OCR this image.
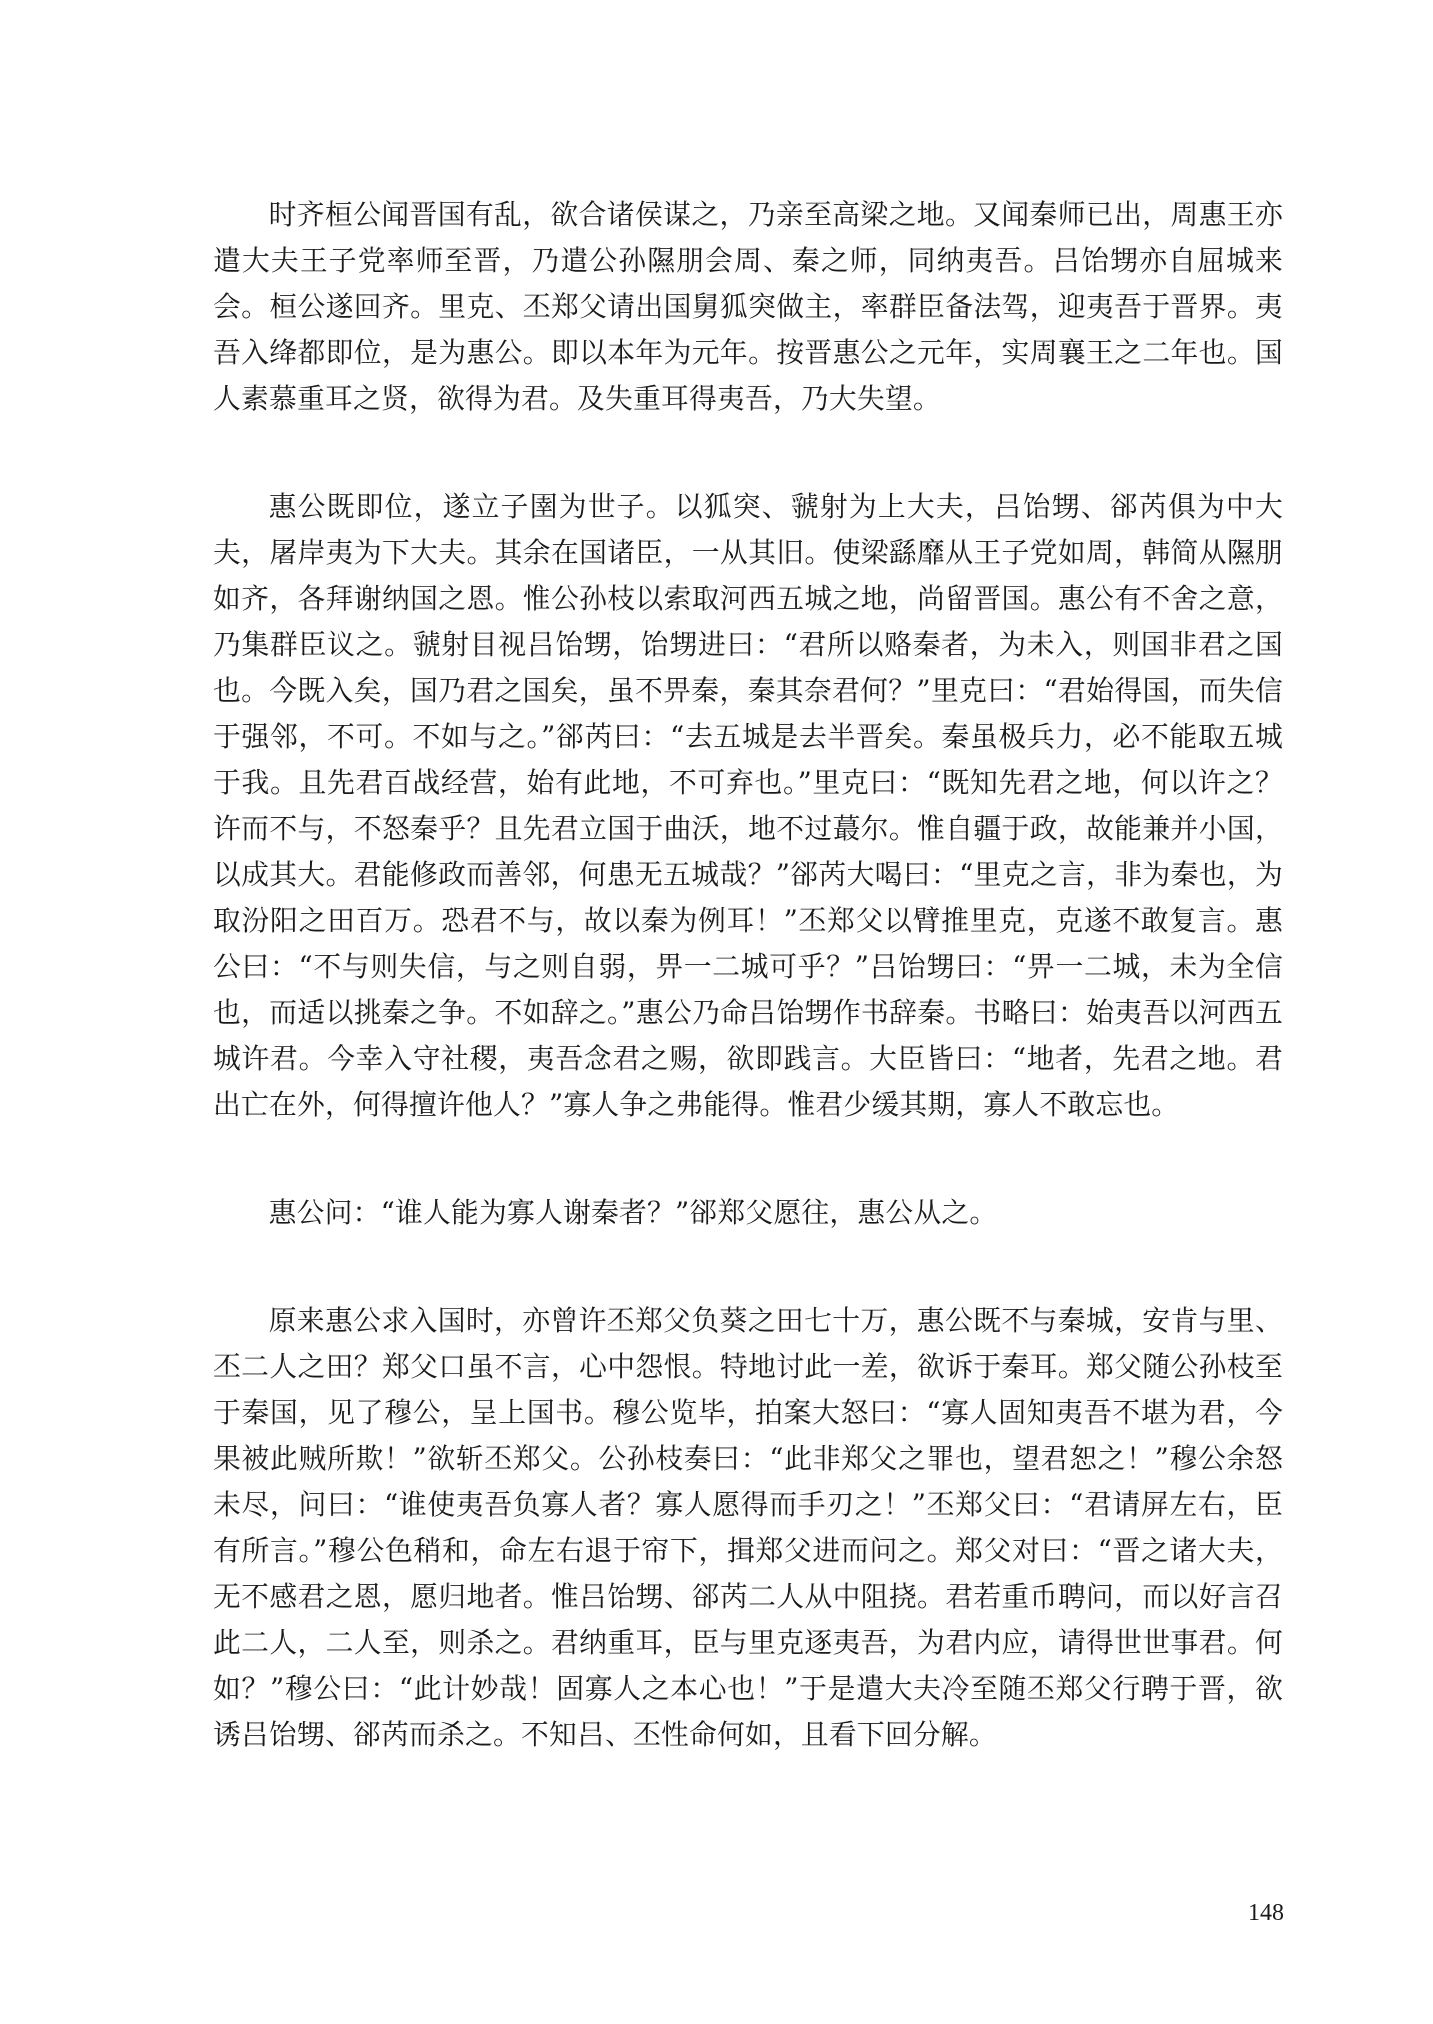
时齐桓公闻晋国有乱，欲合诸侯谋之，乃亲至高梁之地。又闻秦师已出，周惠王亦遣大夫王子党率师至晋，乃遣公孙隰朋会周、秦之师，同纳夷吾。吕饴甥亦自屈城来会。桓公遂回齐。里克、丕郑父请出国舅狐突做主，率群臣备法驾，迎夷吾于晋界。夷吾入绛都即位，是为惠公。即以本年为元年。按晋惠公之元年，实周襄王之二年也。国人素慕重耳之贤，欲得为君。及失重耳得夷吾，乃大失望。

惠公既即位，遂立子圉为世子。以狐突、虢射为上大夫，吕饴甥、郤芮俱为中大夫，屠岸夷为下大夫。其余在国诸臣，一从其旧。使梁繇靡从王子党如周，韩简从隰朋如齐，各拜谢纳国之恩。惟公孙枝以索取河西五城之地，尚留晋国。惠公有不舍之意，乃集群臣议之。虢射目视吕饴甥，饴甥进曰：“君所以赂秦者，为未入，则国非君之国也。今既入矣，国乃君之国矣，虽不畀秦，秦其奈君何？”里克曰：“君始得国，而失信于强邻，不可。不如与之。”郤芮曰：“去五城是去半晋矣。秦虽极兵力，必不能取五城于我。且先君百战经营，始有此地，不可弃也。”里克曰：“既知先君之地，何以许之？许而不与，不怒秦乎？且先君立国于曲沃，地不过蕞尔。惟自疆于政，故能兼并小国，以成其大。君能修政而善邻，何患无五城哉？”郤芮大喝曰：“里克之言，非为秦也，为取汾阳之田百万。恐君不与，故以秦为例耳！”丕郑父以臂推里克，克遂不敢复言。惠公曰：“不与则失信，与之则自弱，畀一二城可乎？”吕饴甥曰：“畀一二城，未为全信也，而适以挑秦之争。不如辞之。”惠公乃命吕饴甥作书辞秦。书略曰：始夷吾以河西五城许君。今幸入守社稷，夷吾念君之赐，欲即践言。大臣皆曰：“地者，先君之地。君出亡在外，何得擅许他人？”寡人争之弗能得。惟君少缓其期，寡人不敢忘也。

惠公问：“谁人能为寡人谢秦者？”郤郑父愿往，惠公从之。

原来惠公求入国时，亦曾许丕郑父负葵之田七十万，惠公既不与秦城，安肯与里、丕二人之田？郑父口虽不言，心中怨恨。特地讨此一差，欲诉于秦耳。郑父随公孙枝至于秦国，见了穆公，呈上国书。穆公览毕，拍案大怒曰：“寡人固知夷吾不堪为君，今果被此贼所欺！”欲斩丕郑父。公孙枝奏曰：“此非郑父之罪也，望君恕之！”穆公余怒未尽，问曰：“谁使夷吾负寡人者？寡人愿得而手刃之！”丕郑父曰：“君请屏左右，臣有所言。”穆公色稍和，命左右退于帘下，揖郑父进而问之。郑父对曰：“晋之诸大夫，无不感君之恩，愿归地者。惟吕饴甥、郤芮二人从中阻挠。君若重币聘问，而以好言召此二人，二人至，则杀之。君纳重耳，臣与里克逐夷吾，为君内应，请得世世事君。何如？”穆公曰：“此计妙哉！固寡人之本心也！”于是遣大夫冷至随丕郑父行聘于晋，欲诱吕饴甥、郤芮而杀之。不知吕、丕性命何如，且看下回分解。

148
